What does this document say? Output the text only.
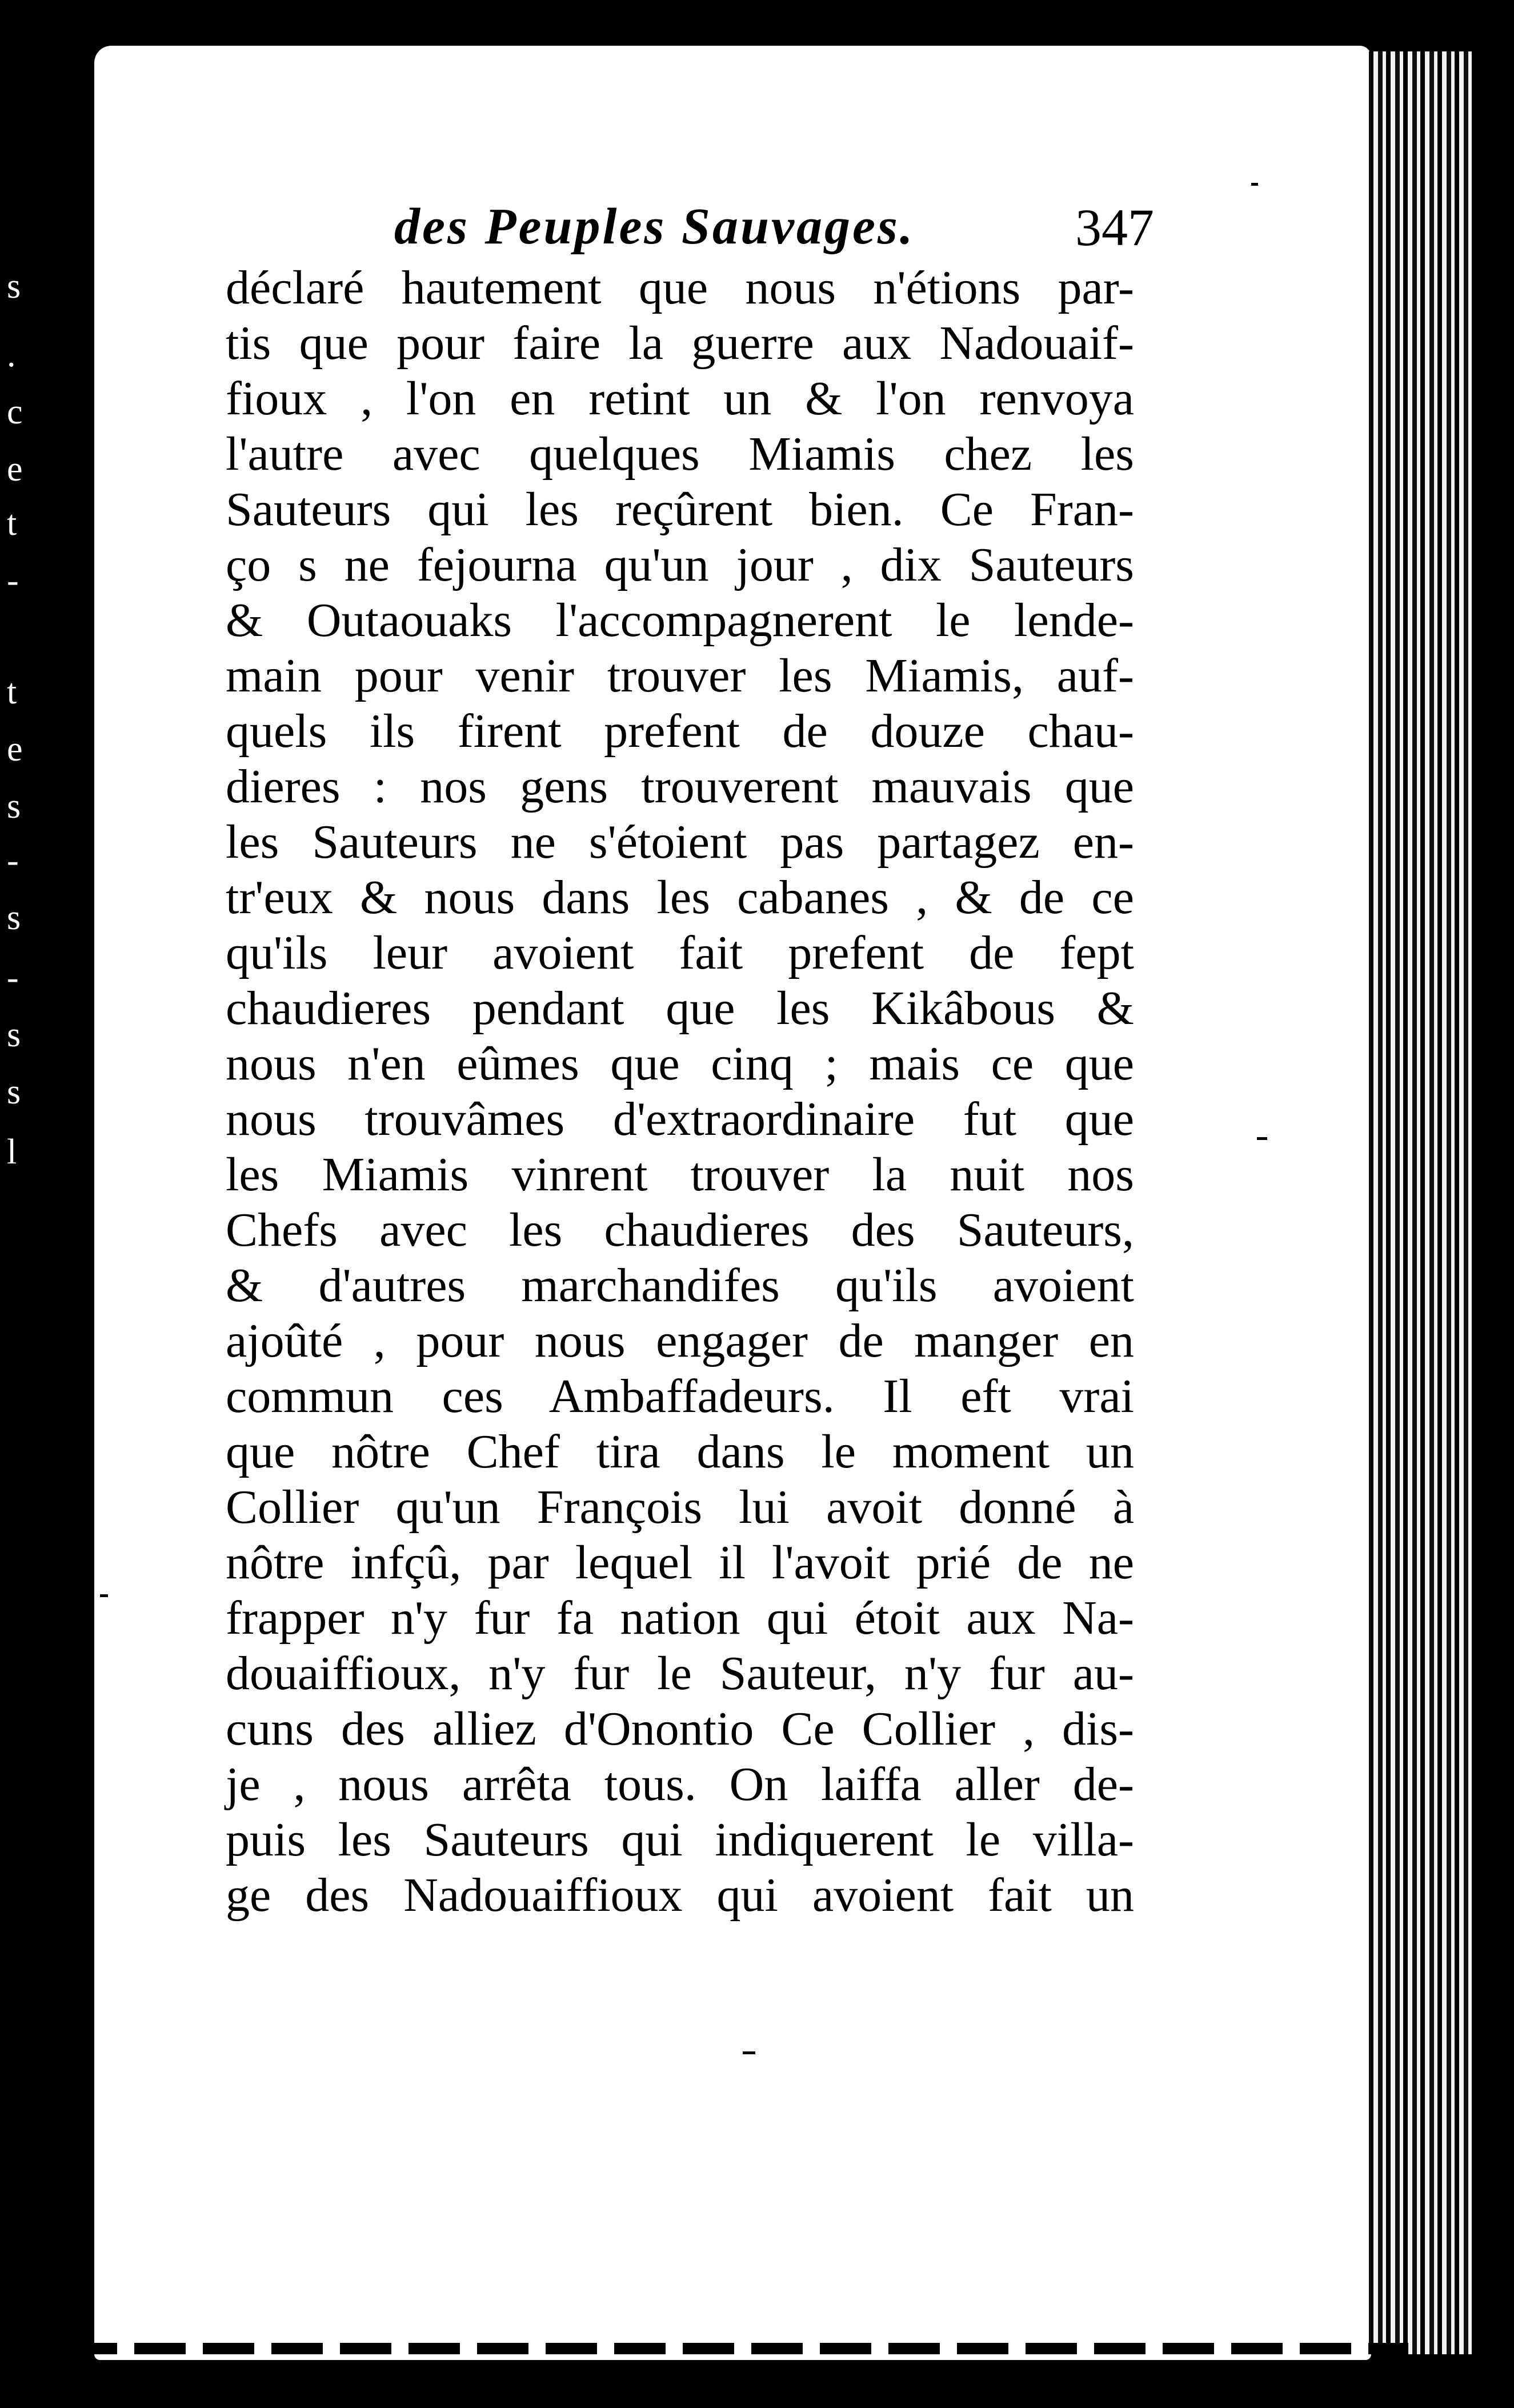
s
.
c
e
t
-
t
e
s
-
s
-
s
s
l
des Peuples Sauvages.	347
déclaré hautement que nous n'étions par-
tis que pour faire la guerre aux Nadouaif-
fioux , l'on en retint un & l'on renvoya
l'autre avec quelques Miamis chez les
Sauteurs qui les reçûrent bien. Ce Fran-
ço s ne fejourna qu'un jour , dix Sauteurs
& Outaouaks l'accompagnerent le lende-
main pour venir trouver les Miamis, auf-
quels ils firent prefent de douze chau-
dieres : nos gens trouverent mauvais que
les Sauteurs ne s'étoient pas partagez en-
tr'eux & nous dans les cabanes , & de ce
qu'ils leur avoient fait prefent de fept
chaudieres pendant que les Kikâbous &
nous n'en eûmes que cinq ; mais ce que
nous trouvâmes d'extraordinaire fut que
les Miamis vinrent trouver la nuit nos
Chefs avec les chaudieres des Sauteurs,
& d'autres marchandifes qu'ils avoient
ajoûté , pour nous engager de manger en
commun ces Ambaffadeurs. Il eft vrai
que nôtre Chef tira dans le moment un
Collier qu'un François lui avoit donné à
nôtre infçû, par lequel il l'avoit prié de ne
frapper n'y fur fa nation qui étoit aux Na-
douaiffioux, n'y fur le Sauteur, n'y fur au-
cuns des alliez d'Onontio Ce Collier , dis-
je , nous arrêta tous. On laiffa aller de-
puis les Sauteurs qui indiquerent le villa-
ge des Nadouaiffioux qui avoient fait un
